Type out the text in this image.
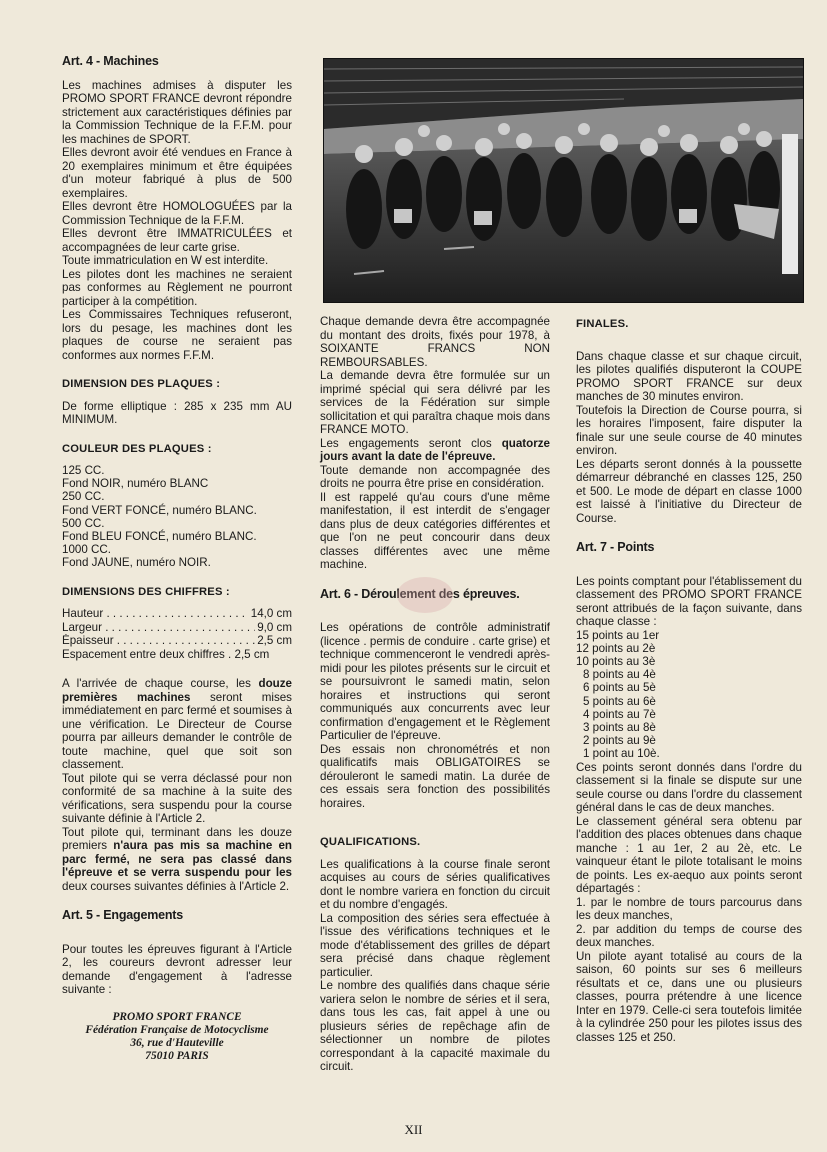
Art. 4 - Machines

Les machines admises à disputer les PROMO SPORT FRANCE devront répondre strictement aux caractéristiques définies par la Commission Technique de la F.F.M. pour les machines de SPORT.

Elles devront avoir été vendues en France à 20 exemplaires minimum et être équipées d'un moteur fabriqué à plus de 500 exemplaires.

Elles devront être HOMOLOGUÉES par la Commission Technique de la F.F.M.

Elles devront être IMMATRICULÉES et accompagnées de leur carte grise.

Toute immatriculation en W est interdite.

Les pilotes dont les machines ne seraient pas conformes au Règlement ne pourront participer à la compétition.

Les Commissaires Techniques refuseront, lors du pesage, les machines dont les plaques de course ne seraient pas conformes aux normes F.F.M.

DIMENSION DES PLAQUES :

De forme elliptique : 285 x 235 mm AU MINIMUM.

COULEUR DES PLAQUES :

125 CC.

Fond NOIR, numéro BLANC

250 CC.

Fond VERT FONCÉ, numéro BLANC.

500 CC.

Fond BLEU FONCÉ, numéro BLANC.

1000 CC.

Fond JAUNE, numéro NOIR.

DIMENSIONS DES CHIFFRES :
Hauteur . . .	14,0 cm
Largeur . . .	9,0 cm
Épaisseur . . .	2,5 cm

Espacement entre deux chiffres . 2,5 cm

A l'arrivée de chaque course, les douze premières machines seront mises immédiatement en parc fermé et soumises à une vérification. Le Directeur de Course pourra par ailleurs demander le contrôle de toute machine, quel que soit son classement.

Tout pilote qui se verra déclassé pour non conformité de sa machine à la suite des vérifications, sera suspendu pour la course suivante définie à l'Article 2.

Tout pilote qui, terminant dans les douze premiers n'aura pas mis sa machine en parc fermé, ne sera pas classé dans l'épreuve et se verra suspendu pour les deux courses suivantes définies à l'Article 2.

Art. 5 - Engagements

Pour toutes les épreuves figurant à l'Article 2, les coureurs devront adresser leur demande d'engagement à l'adresse suivante :

PROMO SPORT FRANCE
Fédération Française de Motocyclisme
36, rue d'Hauteville
75010 PARIS

Chaque demande devra être accompagnée du montant des droits, fixés pour 1978, à SOIXANTE FRANCS NON REMBOURSABLES.

La demande devra être formulée sur un imprimé spécial qui sera délivré par les services de la Fédération sur simple sollicitation et qui paraîtra chaque mois dans FRANCE MOTO.

Les engagements seront clos quatorze jours avant la date de l'épreuve.

Toute demande non accompagnée des droits ne pourra être prise en considération.

Il est rappelé qu'au cours d'une même manifestation, il est interdit de s'engager dans plus de deux catégories différentes et que l'on ne peut concourir dans deux classes différentes avec une même machine.

Art. 6 - Déroulement des épreuves.

Les opérations de contrôle administratif (licence . permis de conduire . carte grise) et technique commenceront le vendredi après-midi pour les pilotes présents sur le circuit et se poursuivront le samedi matin, selon horaires et instructions qui seront communiqués aux concurrents avec leur confirmation d'engagement et le Règlement Particulier de l'épreuve.

Des essais non chronométrés et non qualificatifs mais OBLIGATOIRES se dérouleront le samedi matin. La durée de ces essais sera fonction des possibilités horaires.

QUALIFICATIONS.

Les qualifications à la course finale seront acquises au cours de séries qualificatives dont le nombre variera en fonction du circuit et du nombre d'engagés.

La composition des séries sera effectuée à l'issue des vérifications techniques et le mode d'établissement des grilles de départ sera précisé dans chaque règlement particulier.

Le nombre des qualifiés dans chaque série variera selon le nombre de séries et il sera, dans tous les cas, fait appel à une ou plusieurs séries de repêchage afin de sélectionner un nombre de pilotes correspondant à la capacité maximale du circuit.

FINALES.

Dans chaque classe et sur chaque circuit, les pilotes qualifiés disputeront la COUPE PROMO SPORT FRANCE sur deux manches de 30 minutes environ.

Toutefois la Direction de Course pourra, si les horaires l'imposent, faire disputer la finale sur une seule course de 40 minutes environ.

Les départs seront donnés à la poussette démarreur débranché en classes 125, 250 et 500. Le mode de départ en classe 1000 est laissé à l'initiative du Directeur de Course.

Art. 7 - Points

Les points comptant pour l'établissement du classement des PROMO SPORT FRANCE seront attribués de la façon suivante, dans chaque classe :

15 points au 1er

12 points au 2è

10 points au 3è

8 points au 4è

6 points au 5è

5 points au 6è

4 points au 7è

3 points au 8è

2 points au 9è

1 point au 10è.

Ces points seront donnés dans l'ordre du classement si la finale se dispute sur une seule course ou dans l'ordre du classement général dans le cas de deux manches.

Le classement général sera obtenu par l'addition des places obtenues dans chaque manche : 1 au 1er, 2 au 2è, etc. Le vainqueur étant le pilote totalisant le moins de points. Les ex-aequo aux points seront départagés :

1. par le nombre de tours parcourus dans les deux manches,

2. par addition du temps de course des deux manches.

Un pilote ayant totalisé au cours de la saison, 60 points sur ses 6 meilleurs résultats et ce, dans une ou plusieurs classes, pourra prétendre à une licence Inter en 1979. Celle-ci sera toutefois limitée à la cylindrée 250 pour les pilotes issus des classes 125 et 250.

XII
